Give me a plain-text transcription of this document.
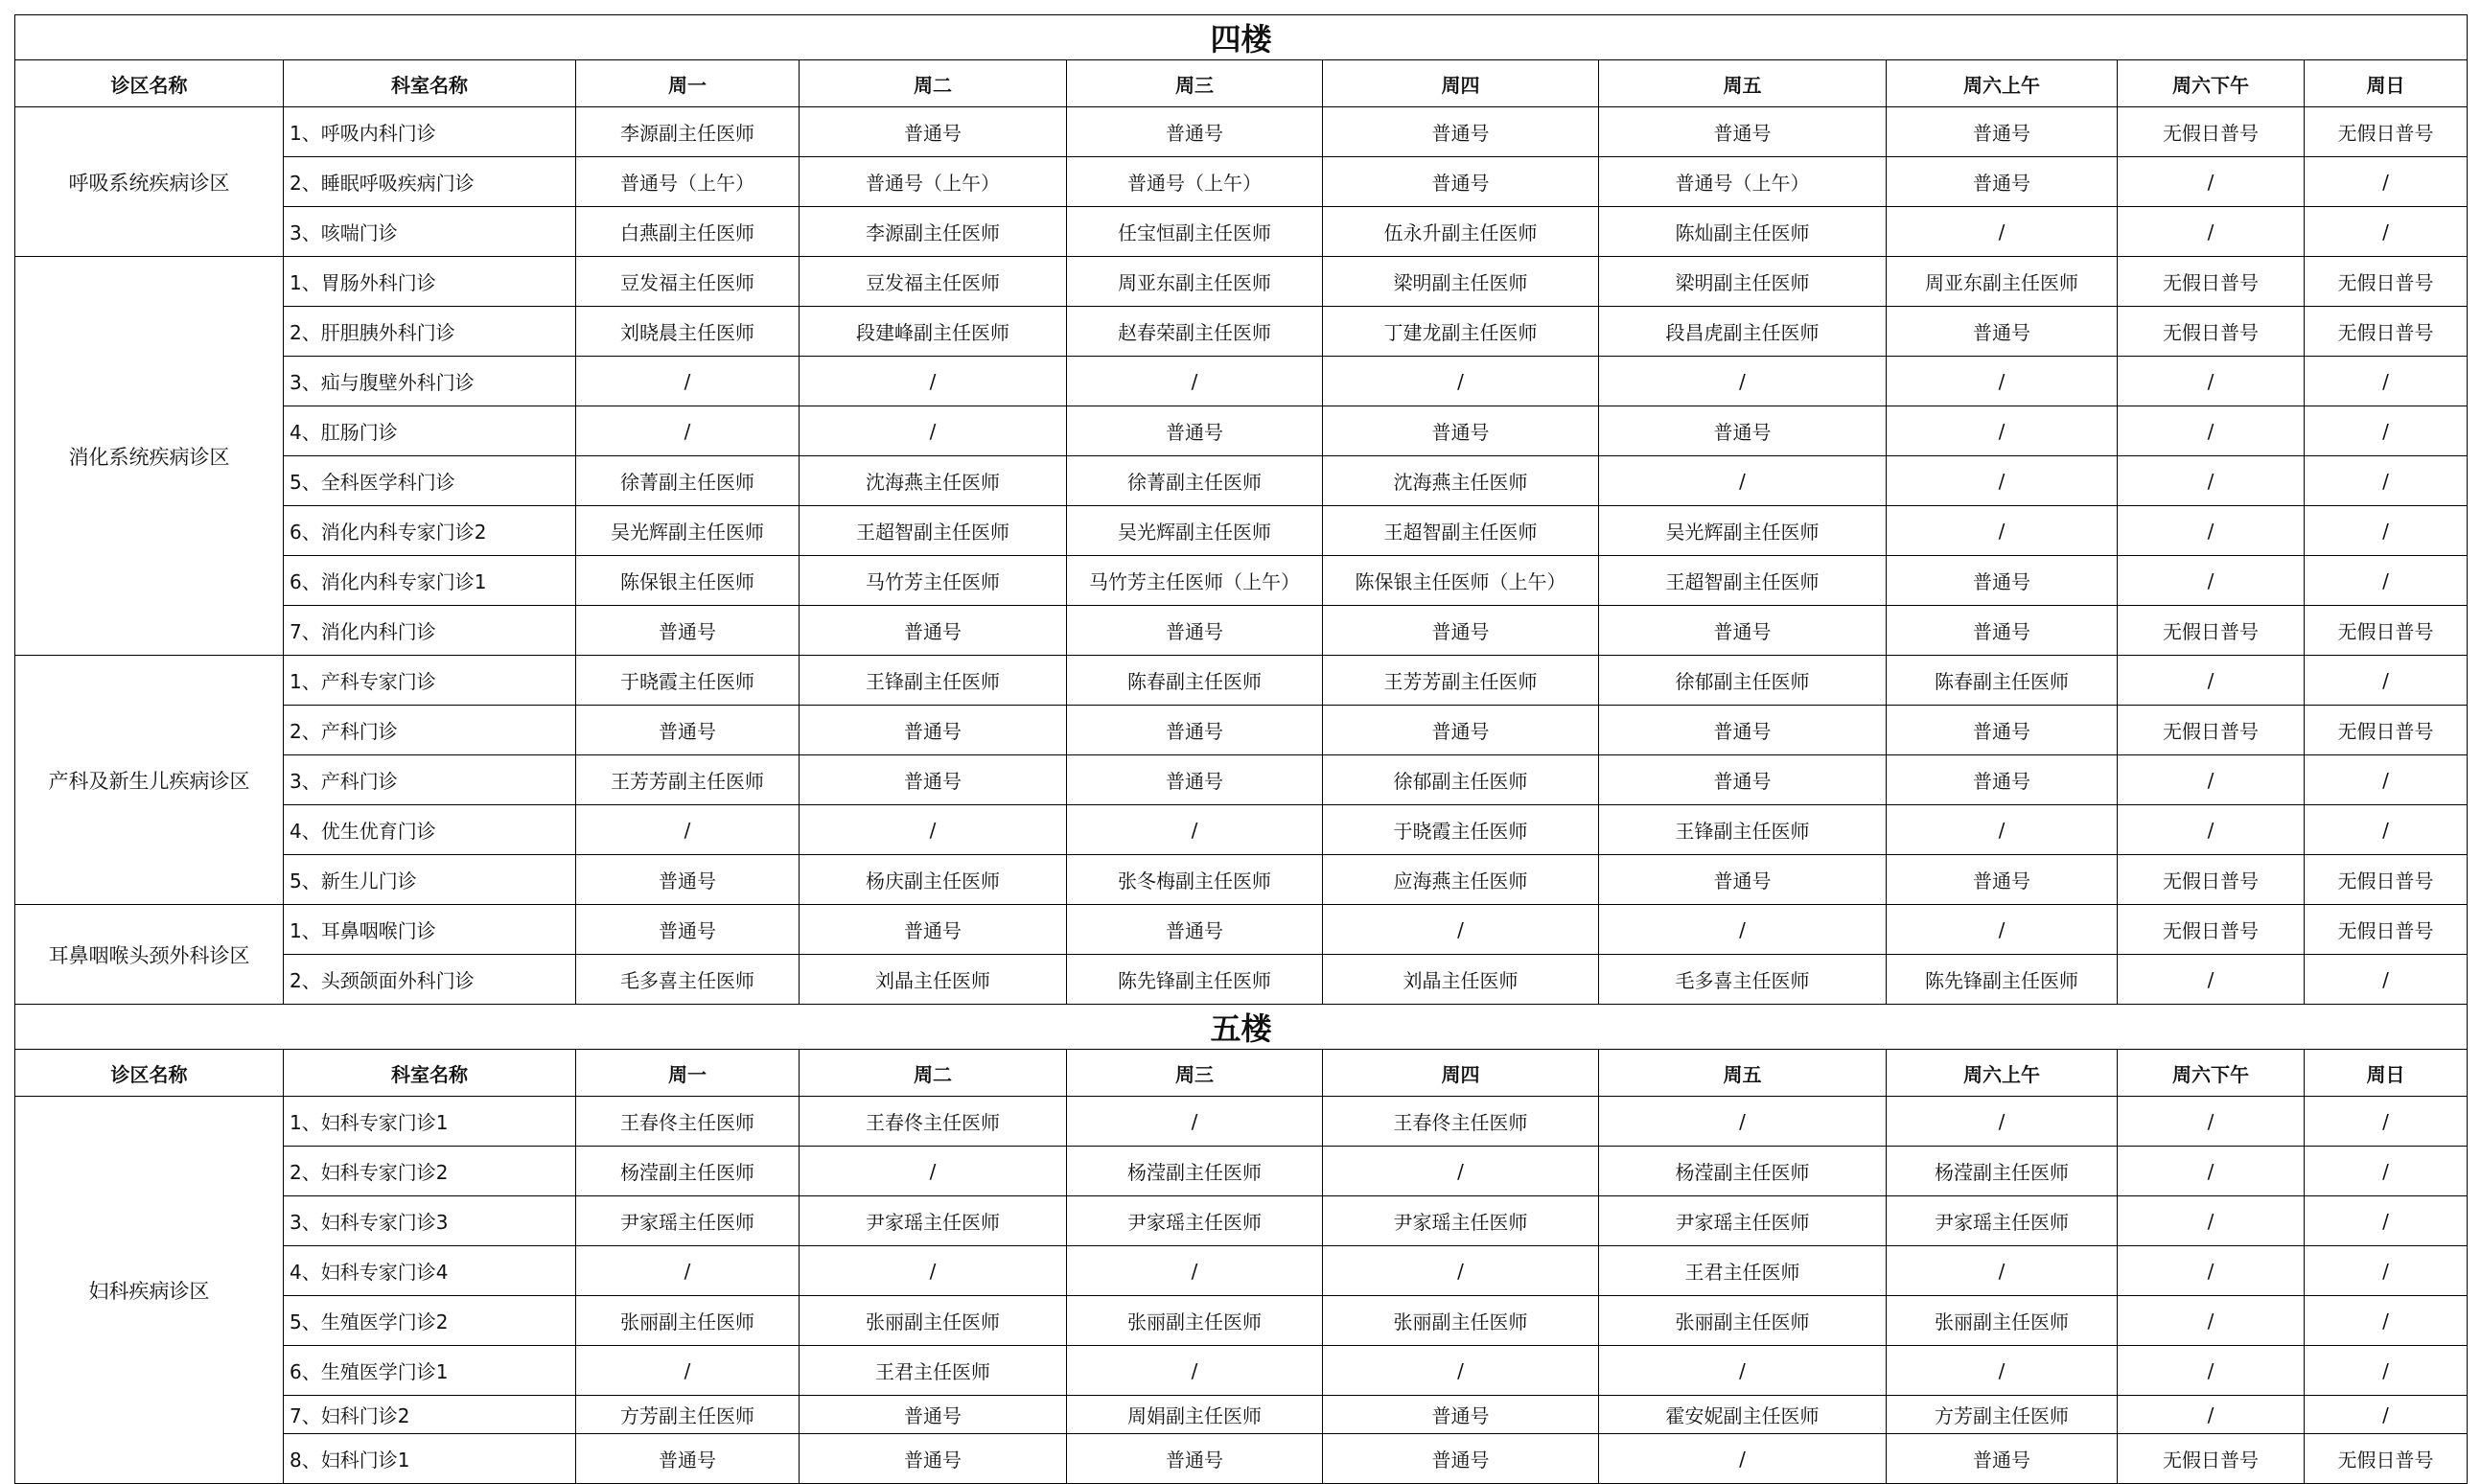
四楼									
诊区名称	科室名称	周一	周二	周三	周四	周五	周六上午	周六下午	周日
呼吸系统疾病诊区	1、呼吸内科门诊	李源副主任医师	普通号	普通号	普通号	普通号	普通号	无假日普号	无假日普号
	2、睡眠呼吸疾病门诊	普通号（上午）	普通号（上午）	普通号（上午）	普通号	普通号（上午）	普通号	/	/
	3、咳喘门诊	白燕副主任医师	李源副主任医师	任宝恒副主任医师	伍永升副主任医师	陈灿副主任医师	/	/	/
消化系统疾病诊区	1、胃肠外科门诊	豆发福主任医师	豆发福主任医师	周亚东副主任医师	梁明副主任医师	梁明副主任医师	周亚东副主任医师	无假日普号	无假日普号
	2、肝胆胰外科门诊	刘晓晨主任医师	段建峰副主任医师	赵春荣副主任医师	丁建龙副主任医师	段昌虎副主任医师	普通号	无假日普号	无假日普号
	3、疝与腹壁外科门诊	/	/	/	/	/	/	/	/
	4、肛肠门诊	/	/	普通号	普通号	普通号	/	/	/
	5、全科医学科门诊	徐菁副主任医师	沈海燕主任医师	徐菁副主任医师	沈海燕主任医师	/	/	/	/
	6、消化内科专家门诊2	吴光辉副主任医师	王超智副主任医师	吴光辉副主任医师	王超智副主任医师	吴光辉副主任医师	/	/	/
	6、消化内科专家门诊1	陈保银主任医师	马竹芳主任医师	马竹芳主任医师（上午）	陈保银主任医师（上午）	王超智副主任医师	普通号	/	/
	7、消化内科门诊	普通号	普通号	普通号	普通号	普通号	普通号	无假日普号	无假日普号
产科及新生儿疾病诊区	1、产科专家门诊	于晓霞主任医师	王锋副主任医师	陈春副主任医师	王芳芳副主任医师	徐郁副主任医师	陈春副主任医师	/	/
	2、产科门诊	普通号	普通号	普通号	普通号	普通号	普通号	无假日普号	无假日普号
	3、产科门诊	王芳芳副主任医师	普通号	普通号	徐郁副主任医师	普通号	普通号	/	/
	4、优生优育门诊	/	/	/	于晓霞主任医师	王锋副主任医师	/	/	/
	5、新生儿门诊	普通号	杨庆副主任医师	张冬梅副主任医师	应海燕主任医师	普通号	普通号	无假日普号	无假日普号
耳鼻咽喉头颈外科诊区	1、耳鼻咽喉门诊	普通号	普通号	普通号	/	/	/	无假日普号	无假日普号
	2、头颈颌面外科门诊	毛多喜主任医师	刘晶主任医师	陈先锋副主任医师	刘晶主任医师	毛多喜主任医师	陈先锋副主任医师	/	/
五楼									
诊区名称	科室名称	周一	周二	周三	周四	周五	周六上午	周六下午	周日
妇科疾病诊区	1、妇科专家门诊1	王春佟主任医师	王春佟主任医师	/	王春佟主任医师	/	/	/	/
	2、妇科专家门诊2	杨滢副主任医师	/	杨滢副主任医师	/	杨滢副主任医师	杨滢副主任医师	/	/
	3、妇科专家门诊3	尹家瑶主任医师	尹家瑶主任医师	尹家瑶主任医师	尹家瑶主任医师	尹家瑶主任医师	尹家瑶主任医师	/	/
	4、妇科专家门诊4	/	/	/	/	王君主任医师	/	/	/
	5、生殖医学门诊2	张丽副主任医师	张丽副主任医师	张丽副主任医师	张丽副主任医师	张丽副主任医师	张丽副主任医师	/	/
	6、生殖医学门诊1	/	王君主任医师	/	/	/	/	/	/
	7、妇科门诊2	方芳副主任医师	普通号	周娟副主任医师	普通号	霍安妮副主任医师	方芳副主任医师	/	/
	8、妇科门诊1	普通号	普通号	普通号	普通号	/	普通号	无假日普号	无假日普号
